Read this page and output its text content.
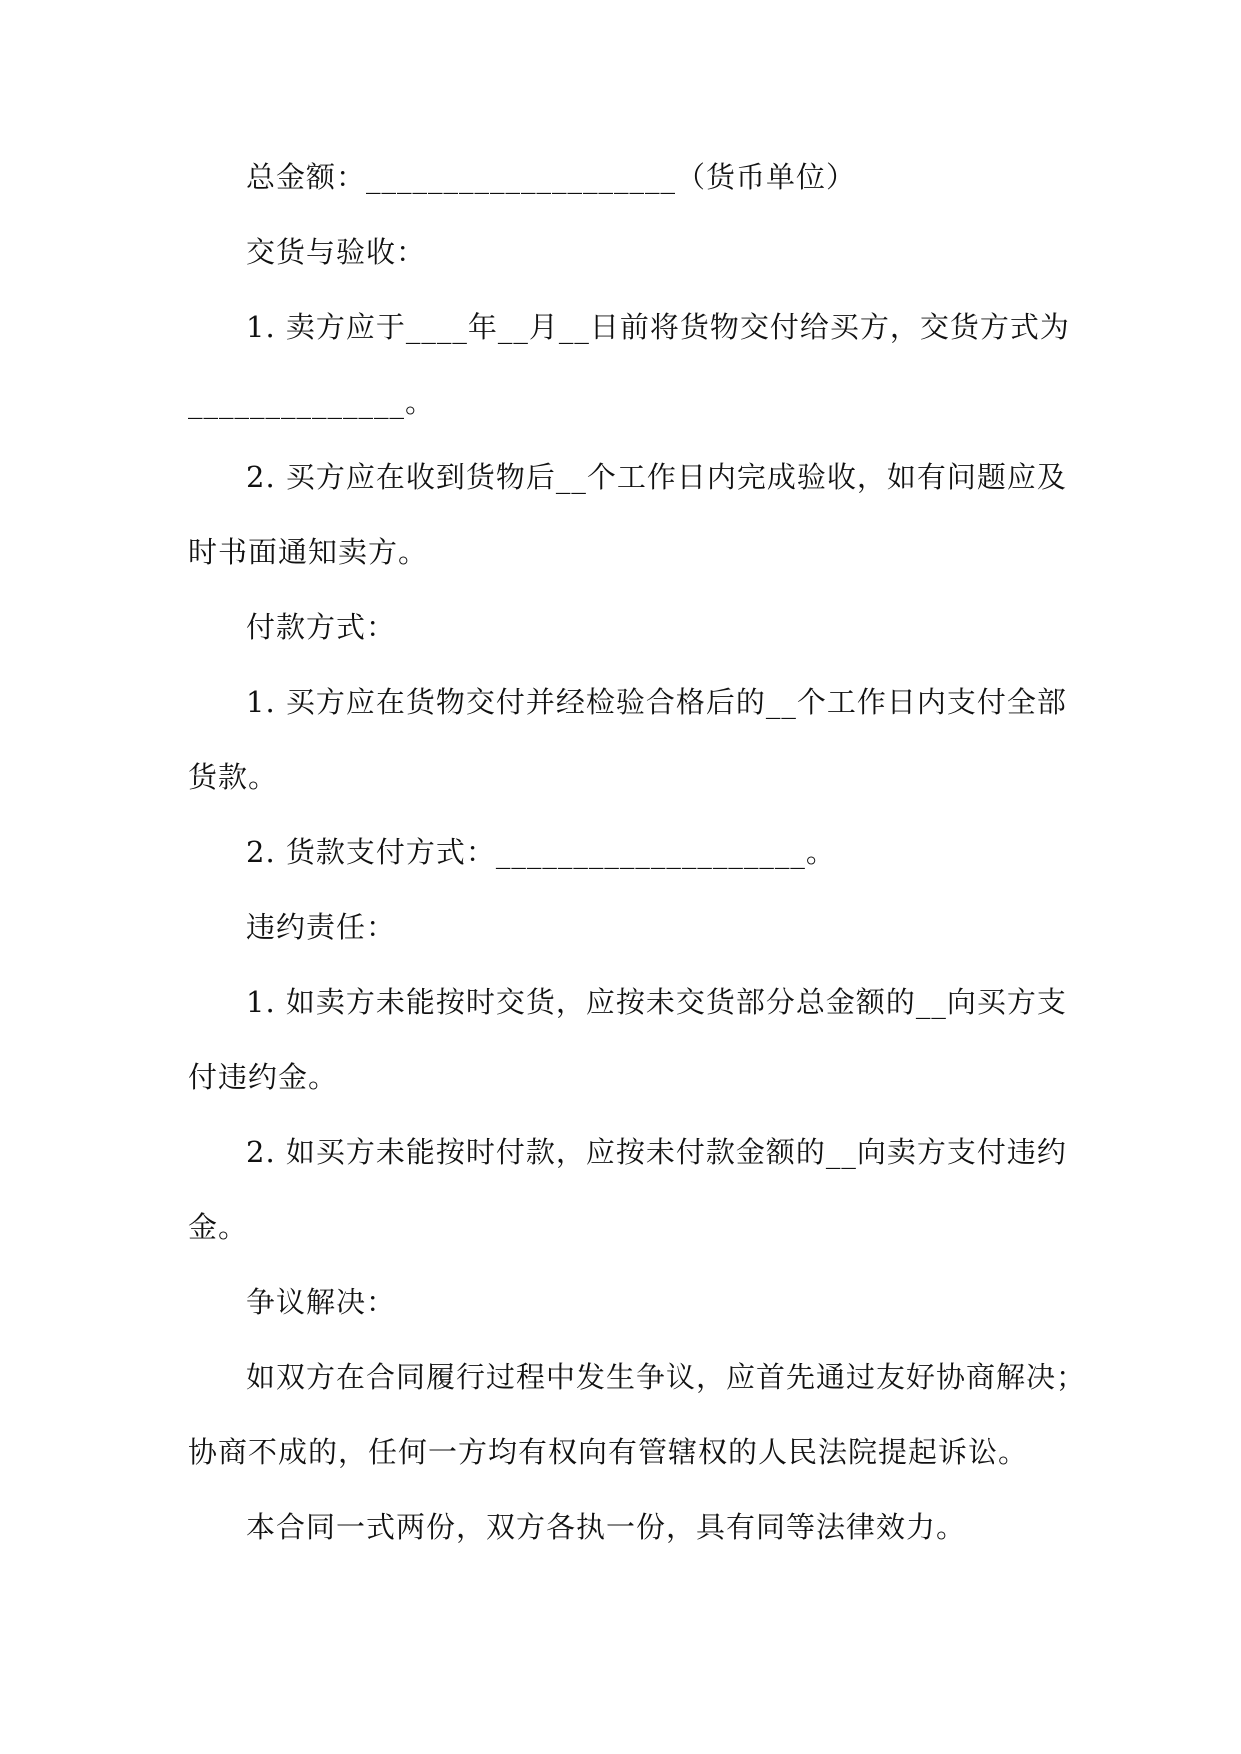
总金额：____________________（货币单位）
交货与验收：
1. 卖方应于____年__月__日前将货物交付给买方，交货方式为
______________。
2. 买方应在收到货物后__个工作日内完成验收，如有问题应及
时书面通知卖方。
付款方式：
1. 买方应在货物交付并经检验合格后的__个工作日内支付全部
货款。
2. 货款支付方式：____________________。
违约责任：
1. 如卖方未能按时交货，应按未交货部分总金额的__向买方支
付违约金。
2. 如买方未能按时付款，应按未付款金额的__向卖方支付违约
金。
争议解决：
如双方在合同履行过程中发生争议，应首先通过友好协商解决；
协商不成的，任何一方均有权向有管辖权的人民法院提起诉讼。
本合同一式两份，双方各执一份，具有同等法律效力。
